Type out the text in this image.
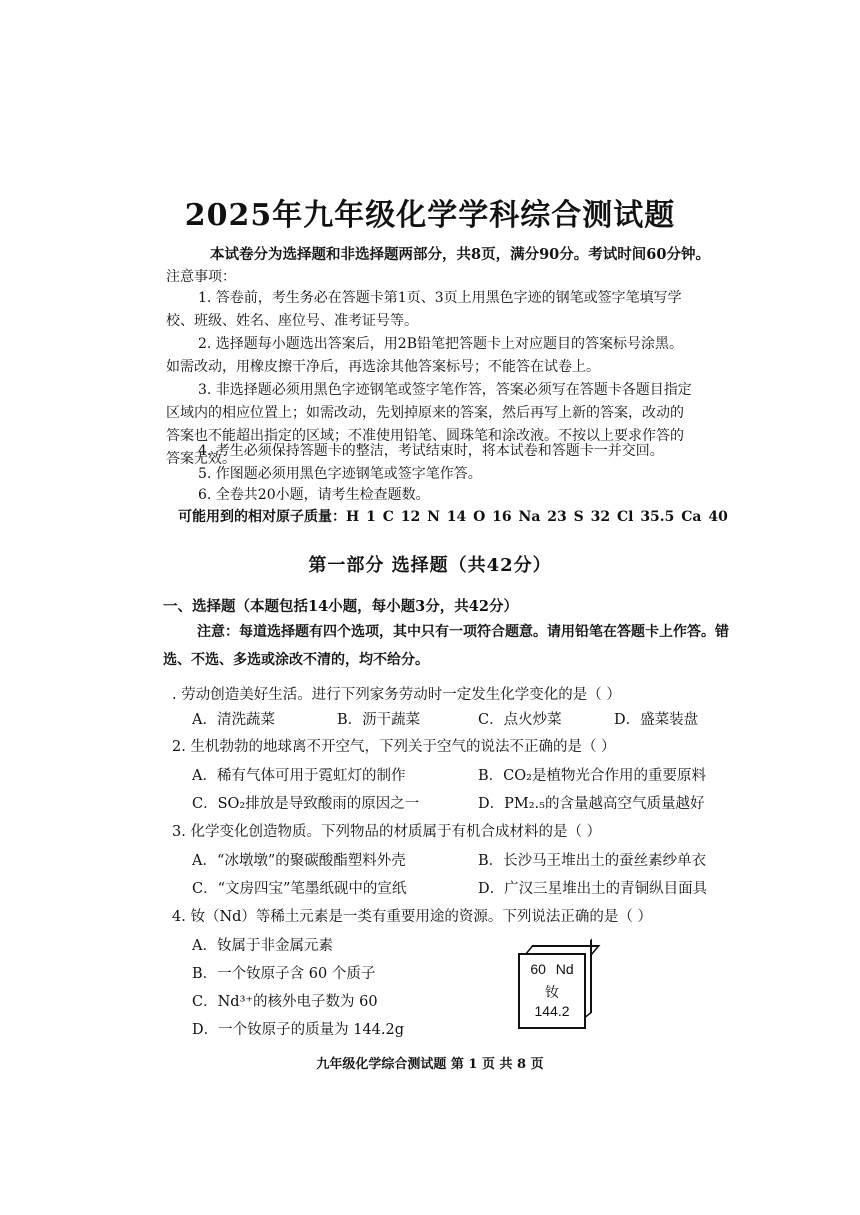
2025年九年级化学学科综合测试题
本试卷分为选择题和非选择题两部分，共8页，满分90分。考试时间60分钟。
注意事项：
1. 答卷前，考生务必在答题卡第1页、3页上用黑色字迹的钢笔或签字笔填写学校、班级、姓名、座位号、准考证号等。
2. 选择题每小题选出答案后，用2B铅笔把答题卡上对应题目的答案标号涂黑。如需改动，用橡皮擦干净后，再选涂其他答案标号；不能答在试卷上。
3. 非选择题必须用黑色字迹钢笔或签字笔作答，答案必须写在答题卡各题目指定区域内的相应位置上；如需改动，先划掉原来的答案，然后再写上新的答案，改动的答案也不能超出指定的区域；不准使用铅笔、圆珠笔和涂改液。不按以上要求作答的答案无效。
4. 考生必须保持答题卡的整洁，考试结束时，将本试卷和答题卡一并交回。
5. 作图题必须用黑色字迹钢笔或签字笔作答。
6. 全卷共20小题，请考生检查题数。
可能用到的相对原子质量：H 1 C 12 N 14 O 16 Na 23 S 32 Cl 35.5 Ca 40
第一部分 选择题（共42分）
一、选择题（本题包括14小题，每小题3分，共42分）
注意：每道选择题有四个选项，其中只有一项符合题意。请用铅笔在答题卡上作答。错
选、不选、多选或涂改不清的，均不给分。
. 劳动创造美好生活。进行下列家务劳动时一定发生化学变化的是（ ）
A．清洗蔬菜	B．沥干蔬菜	C．点火炒菜	D．盛菜装盘
2. 生机勃勃的地球离不开空气，下列关于空气的说法不正确的是（ ）
A．稀有气体可用于霓虹灯的制作	B．CO₂是植物光合作用的重要原料
C．SO₂排放是导致酸雨的原因之一	D．PM₂.₅的含量越高空气质量越好
3. 化学变化创造物质。下列物品的材质属于有机合成材料的是（ ）
A．“冰墩墩”的聚碳酸酯塑料外壳	B．长沙马王堆出土的蚕丝素纱单衣
C．“文房四宝”笔墨纸砚中的宣纸	D．广汉三星堆出土的青铜纵目面具
4. 钕（Nd）等稀土元素是一类有重要用途的资源。下列说法正确的是（ ）
A．钕属于非金属元素
B．一个钕原子含 60 个质子
C．Nd³⁺的核外电子数为 60
D．一个钕原子的质量为 144.2g
60 Nd
钕
144.2
九年级化学综合测试题 第 1 页 共 8 页
